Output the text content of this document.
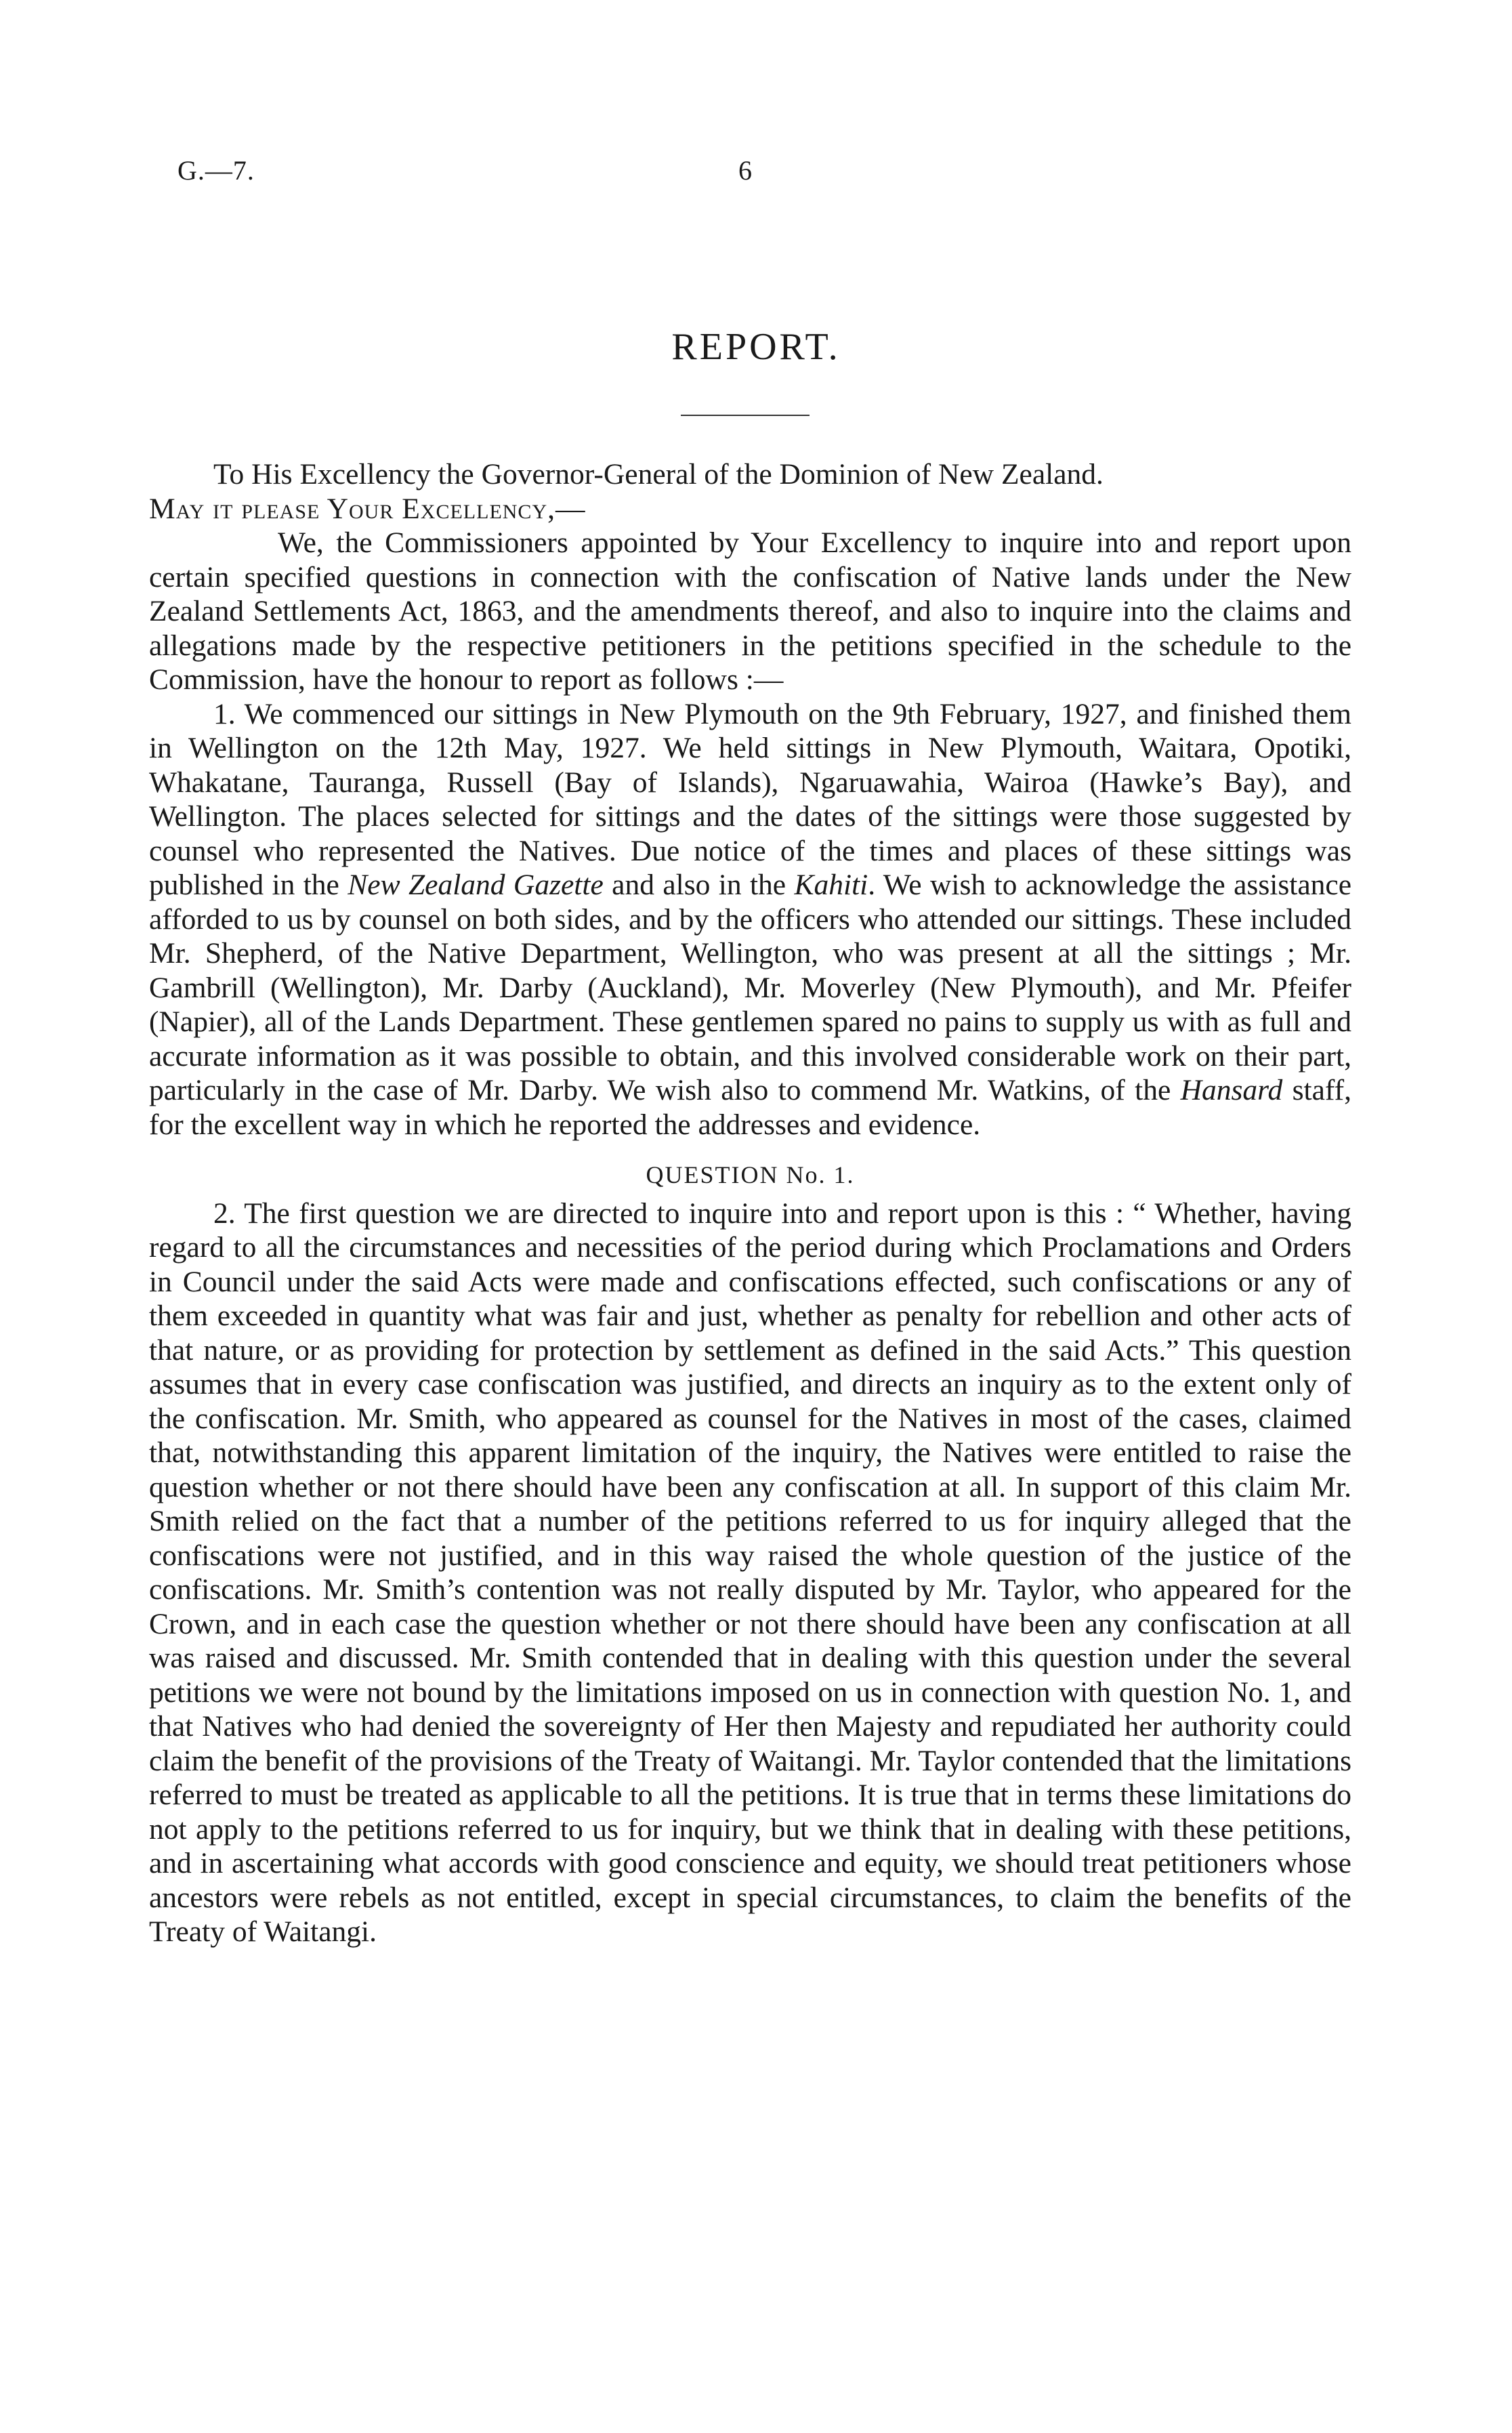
G.—7.	6
REPORT.

To His Excellency the Governor-General of the Dominion of New Zealand.

May it please Your Excellency,—

We, the Commissioners appointed by Your Excellency to inquire into and report upon certain specified questions in connection with the confiscation of Native lands under the New Zealand Settlements Act, 1863, and the amendments thereof, and also to inquire into the claims and allegations made by the respective petitioners in the petitions specified in the schedule to the Commission, have the honour to report as follows :—

1. We commenced our sittings in New Plymouth on the 9th February, 1927, and finished them in Wellington on the 12th May, 1927. We held sittings in New Plymouth, Waitara, Opotiki, Whakatane, Tauranga, Russell (Bay of Islands), Ngaruawahia, Wairoa (Hawke’s Bay), and Wellington. The places selected for sittings and the dates of the sittings were those suggested by counsel who represented the Natives. Due notice of the times and places of these sittings was published in the New Zealand Gazette and also in the Kahiti. We wish to acknowledge the assistance afforded to us by counsel on both sides, and by the officers who attended our sittings. These included Mr. Shepherd, of the Native Department, Wellington, who was present at all the sittings ; Mr. Gambrill (Wellington), Mr. Darby (Auckland), Mr. Moverley (New Plymouth), and Mr. Pfeifer (Napier), all of the Lands Department. These gentlemen spared no pains to supply us with as full and accurate information as it was possible to obtain, and this involved considerable work on their part, particularly in the case of Mr. Darby. We wish also to commend Mr. Watkins, of the Hansard staff, for the excellent way in which he reported the addresses and evidence.

QUESTION No. 1.

2. The first question we are directed to inquire into and report upon is this : “ Whether, having regard to all the circumstances and necessities of the period during which Proclamations and Orders in Council under the said Acts were made and confiscations effected, such confiscations or any of them exceeded in quantity what was fair and just, whether as penalty for rebellion and other acts of that nature, or as providing for protection by settlement as defined in the said Acts.” This question assumes that in every case confiscation was justified, and directs an inquiry as to the extent only of the confiscation. Mr. Smith, who appeared as counsel for the Natives in most of the cases, claimed that, notwithstanding this apparent limitation of the inquiry, the Natives were entitled to raise the question whether or not there should have been any confiscation at all. In support of this claim Mr. Smith relied on the fact that a number of the petitions referred to us for inquiry alleged that the confiscations were not justified, and in this way raised the whole question of the justice of the confiscations. Mr. Smith’s contention was not really disputed by Mr. Taylor, who appeared for the Crown, and in each case the question whether or not there should have been any confiscation at all was raised and discussed. Mr. Smith contended that in dealing with this question under the several petitions we were not bound by the limitations imposed on us in connection with question No. 1, and that Natives who had denied the sovereignty of Her then Majesty and repudiated her authority could claim the benefit of the provisions of the Treaty of Waitangi. Mr. Taylor contended that the limitations referred to must be treated as applicable to all the petitions. It is true that in terms these limitations do not apply to the petitions referred to us for inquiry, but we think that in dealing with these petitions, and in ascertaining what accords with good conscience and equity, we should treat petitioners whose ancestors were rebels as not entitled, except in special circumstances, to claim the benefits of the Treaty of Waitangi.
